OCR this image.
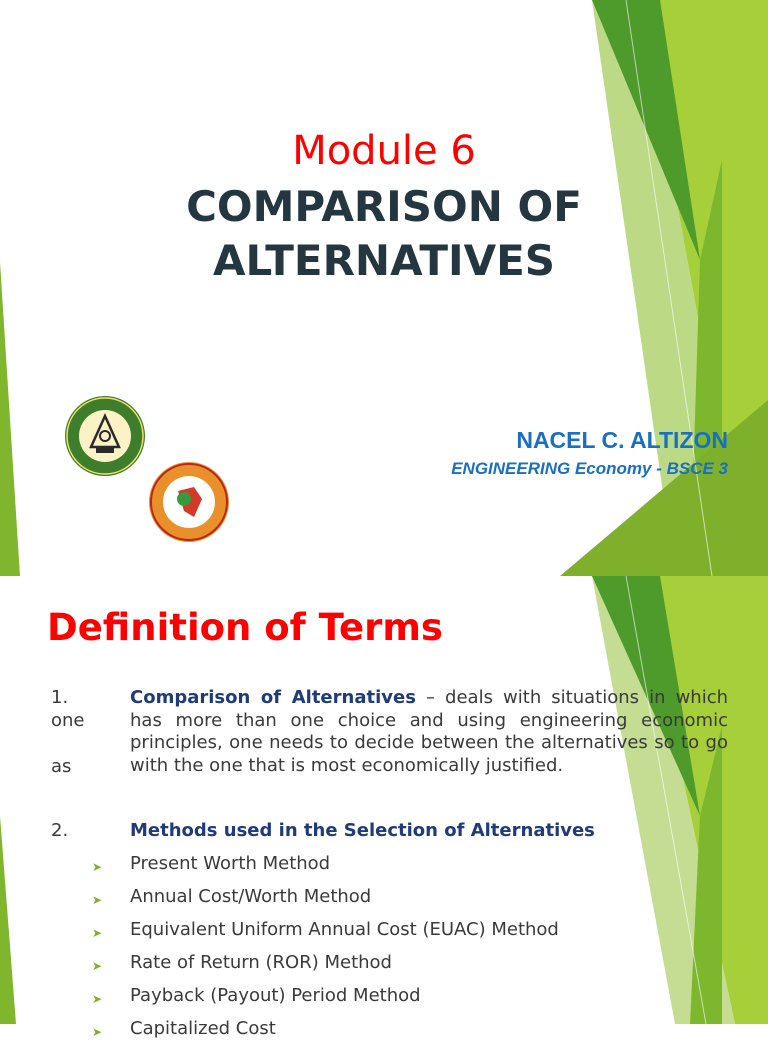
Module 6
COMPARISON OF
ALTERNATIVES
NACEL C. ALTIZON
ENGINEERING Economy - BSCE 3
Definition of Terms
1.
one
as
Comparison of Alternatives – deals with situations in which has more than one choice and using engineering economic principles, one needs to decide between the alternatives so to go with the one that is most economically justified.
2.	Methods used in the Selection of Alternatives
➤ Present Worth Method
➤ Annual Cost/Worth Method
➤ Equivalent Uniform Annual Cost (EUAC) Method
➤ Rate of Return (ROR) Method
➤ Payback (Payout) Period Method
➤ Capitalized Cost
